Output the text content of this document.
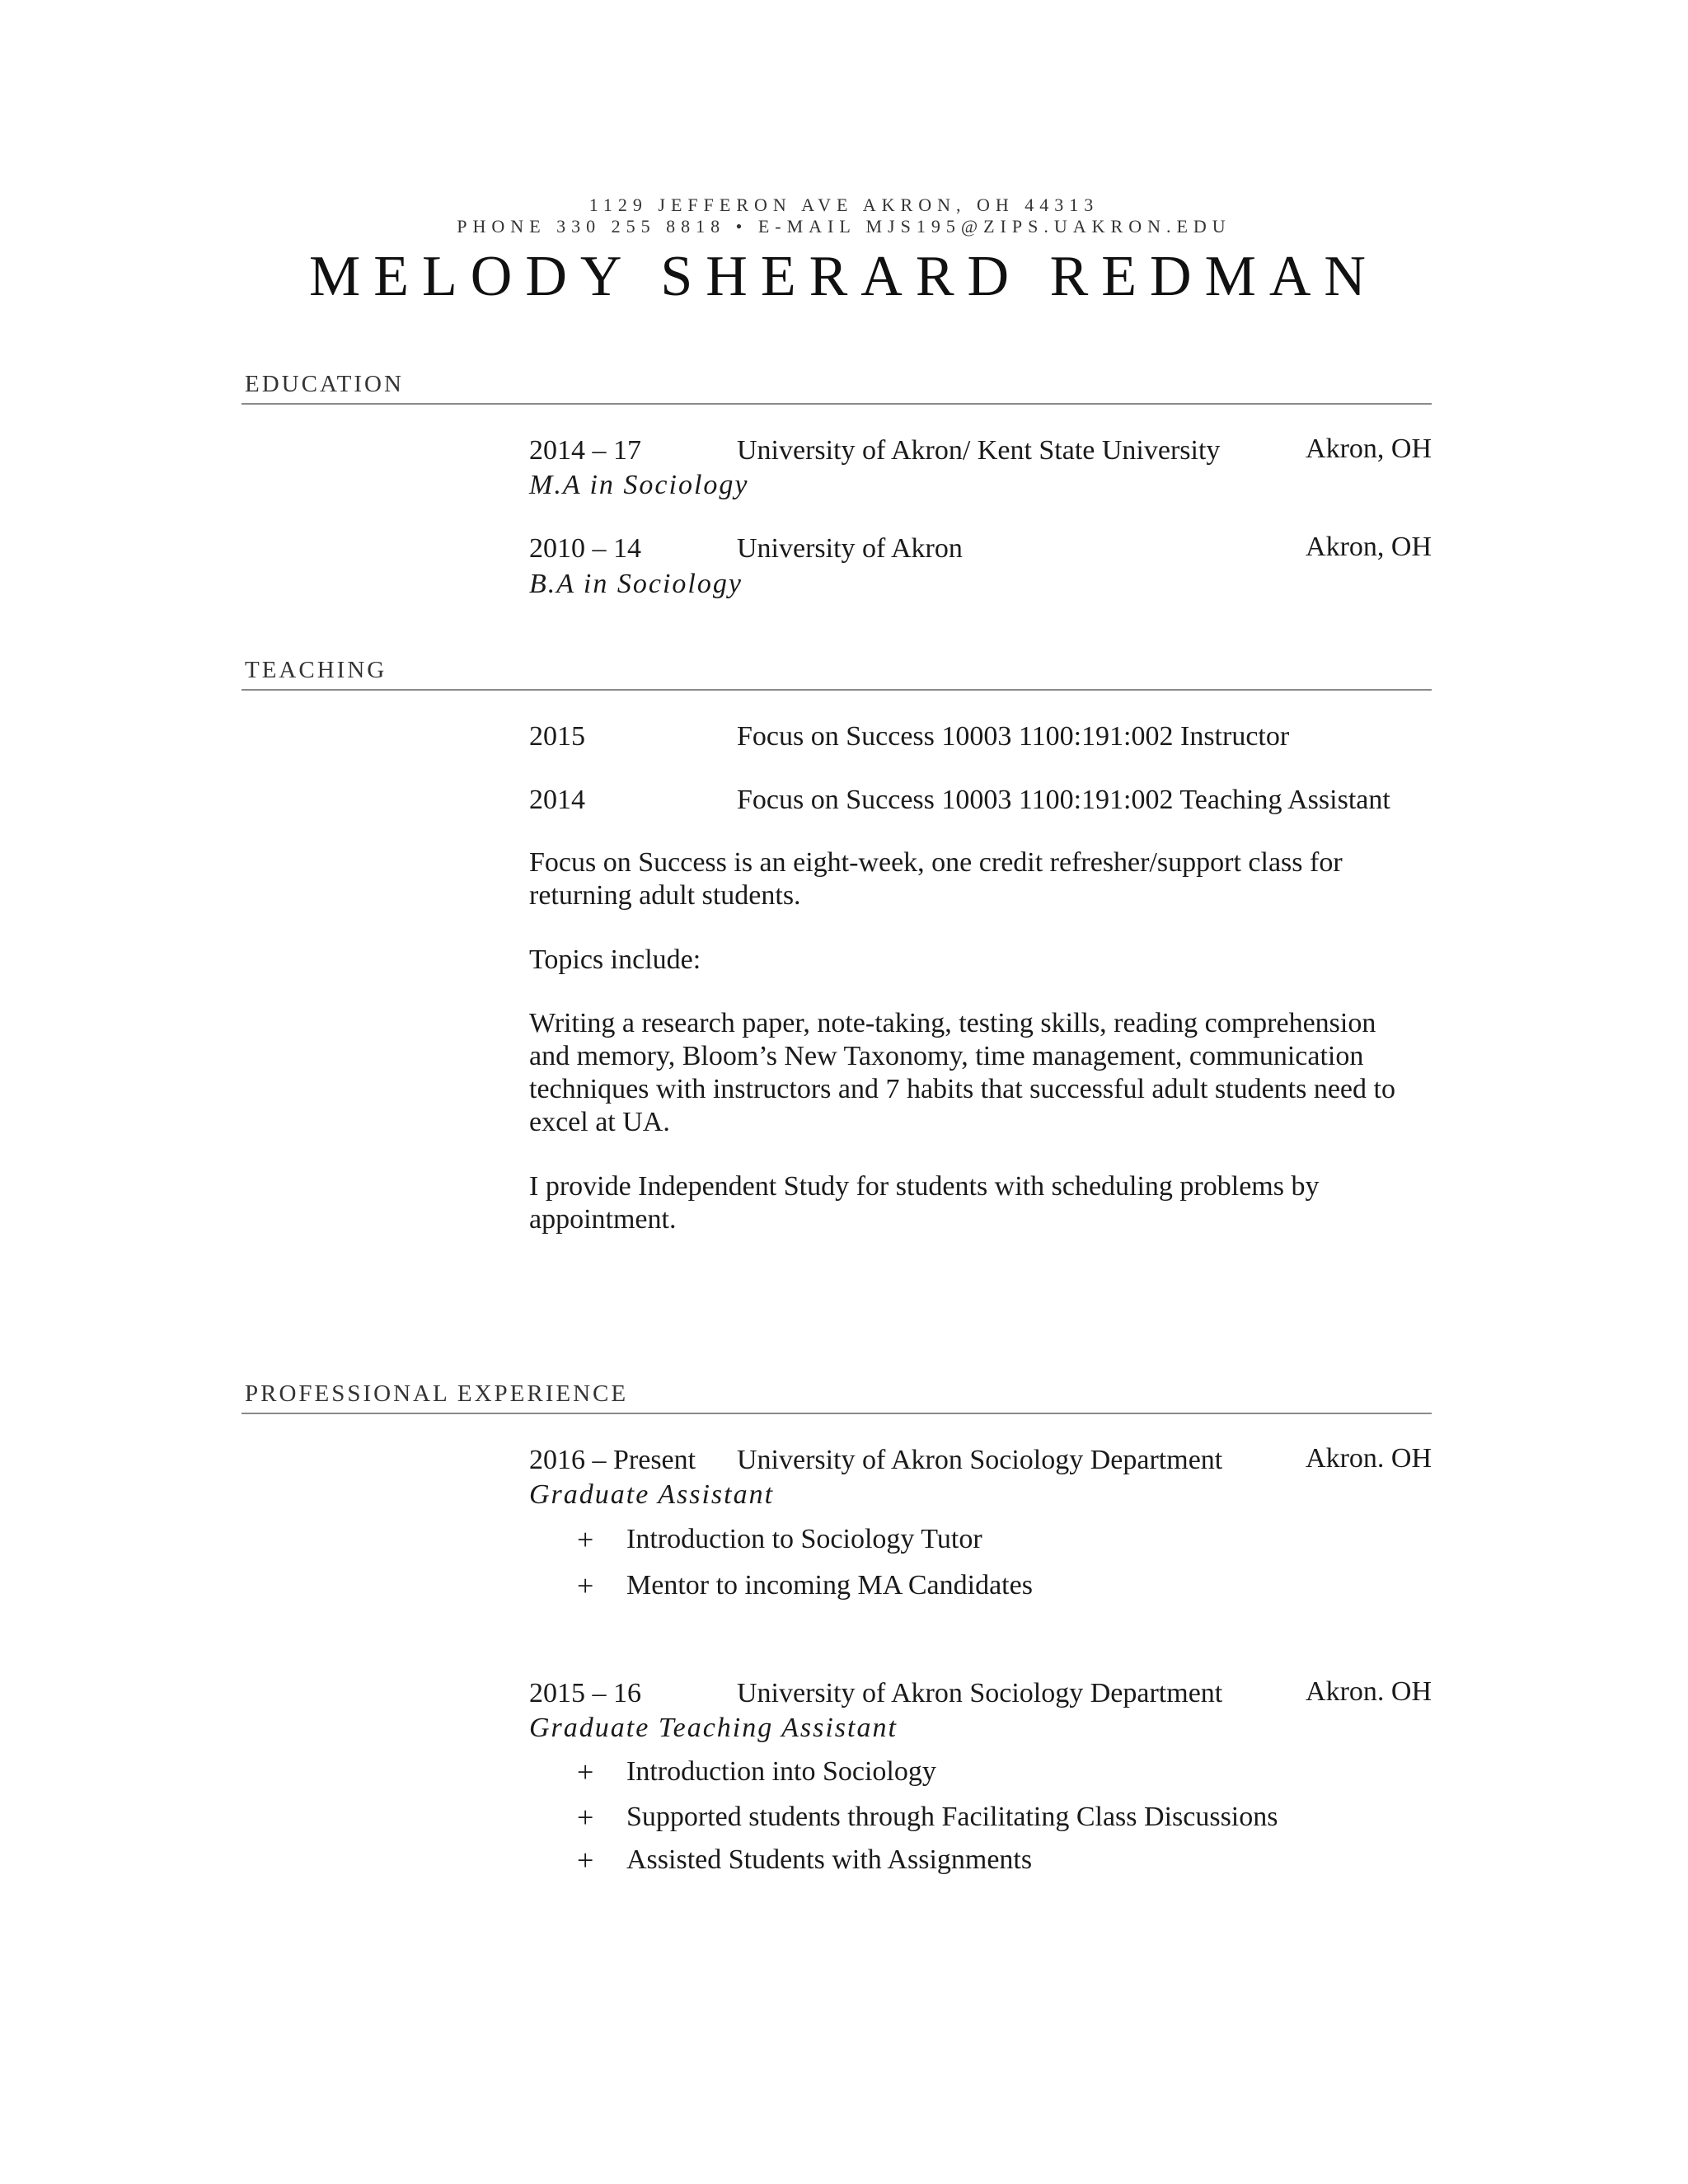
1129 JEFFERON AVE AKRON, OH 44313
PHONE 330 255 8818 • E-MAIL MJS195@ZIPS.UAKRON.EDU
MELODY SHERARD REDMAN
EDUCATION
2014 – 17	University of Akron/ Kent State University	Akron, OH
M.A in Sociology
2010 – 14	University of Akron	Akron, OH
B.A in Sociology
TEACHING
2015	Focus on Success 10003 1100:191:002 Instructor
2014	Focus on Success 10003 1100:191:002 Teaching Assistant
Focus on Success is an eight-week, one credit refresher/support class for returning adult students.
Topics include:
Writing a research paper, note-taking, testing skills, reading comprehension and memory, Bloom’s New Taxonomy, time management, communication techniques with instructors and 7 habits that successful adult students need to excel at UA.
I provide Independent Study for students with scheduling problems by appointment.
PROFESSIONAL EXPERIENCE
2016 – Present University of Akron Sociology Department	Akron. OH
Graduate Assistant
+ Introduction to Sociology Tutor
+ Mentor to incoming MA Candidates
2015 – 16	University of Akron Sociology Department	Akron. OH
Graduate Teaching Assistant
+ Introduction into Sociology
+ Supported students through Facilitating Class Discussions
+ Assisted Students with Assignments
